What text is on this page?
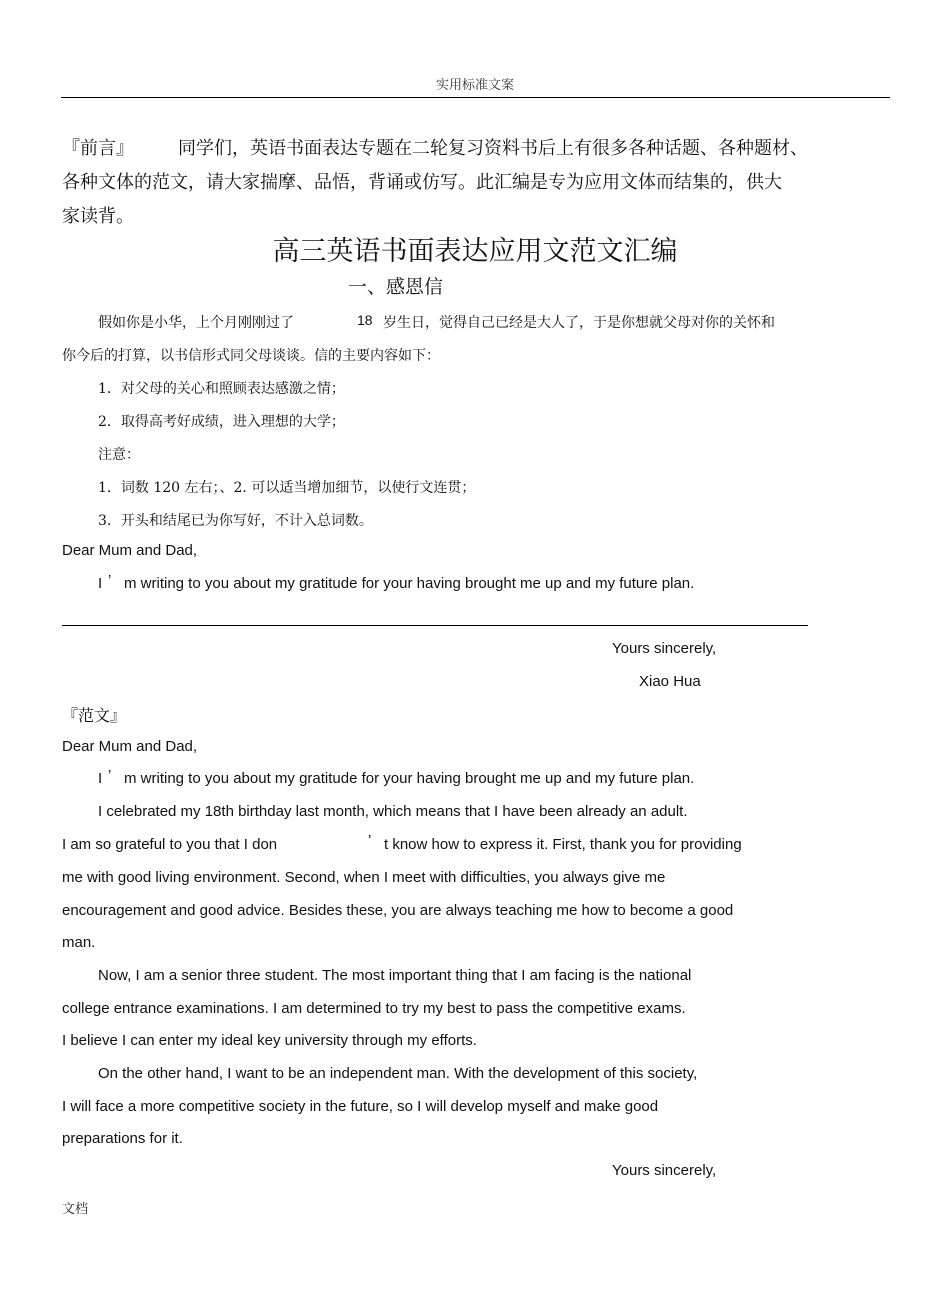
实用标准文案
『前言』 同学们，英语书面表达专题在二轮复习资料书后上有很多各种话题、各种题材、
各种文体的范文，请大家揣摩、品悟，背诵或仿写。此汇编是专为应用文体而结集的，供大
家读背。
高三英语书面表达应用文范文汇编
一、感恩信
假如你是小华，上个月刚刚过了	18 岁生日，觉得自己已经是大人了，于是你想就父母对你的关怀和
你今后的打算，以书信形式同父母谈谈。信的主要内容如下：
1．对父母的关心和照顾表达感激之情；
2．取得高考好成绩，进入理想的大学；
注意：
1．词数 120 左右；、2. 可以适当增加细节，以使行文连贯；
3．开头和结尾已为你写好，不计入总词数。
Dear Mum and Dad,
I ’ m writing to you about my gratitude for your having brought me up and my future plan.
Yours sincerely,
Xiao Hua
『范文』
Dear Mum and Dad,
I ’ m writing to you about my gratitude for your having brought me up and my future plan.
I celebrated my 18th birthday last month, which means that I have been already an adult.
I am so grateful to you that I don	’ t know how to express it. First, thank you for providing
me with good living environment. Second, when I meet with difficulties, you always give me
encouragement and good advice. Besides these, you are always teaching me how to become a good
man.
Now, I am a senior three student. The most important thing that I am facing is the national
college entrance examinations. I am determined to try my best to pass the competitive exams.
I believe I can enter my ideal key university through my efforts.
On the other hand, I want to be an independent man. With the development of this society,
I will face a more competitive society in the future, so I will develop myself and make good
preparations for it.
Yours sincerely,
文档
